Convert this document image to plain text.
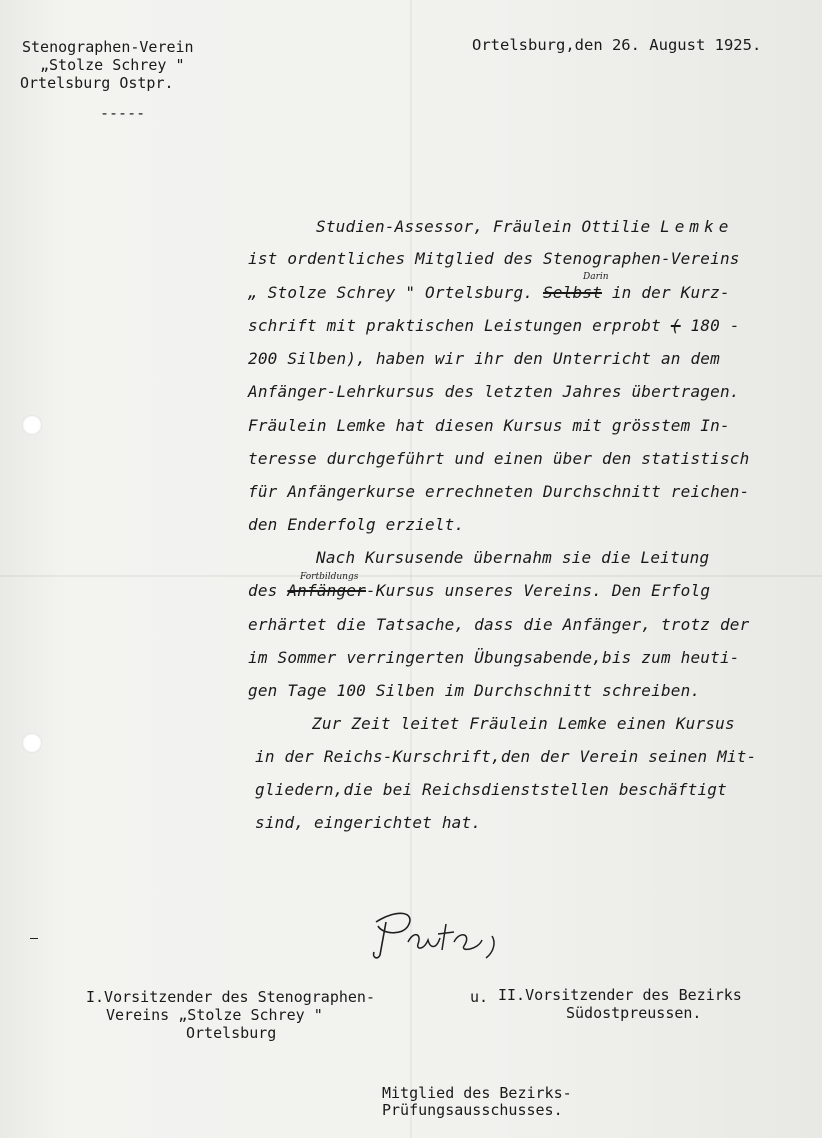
Stenographen-Verein
„Stolze Schrey "
Ortelsburg Ostpr.
-----
Ortelsburg,den 26. August 1925.
Darin
Fortbildungs
Studien-Assessor, Fräulein Ottilie Lemke
ist ordentliches Mitglied des Stenographen-Vereins
„ Stolze Schrey " Ortelsburg. Selbst in der Kurz-
schrift mit praktischen Leistungen erprobt ( 180 -
200 Silben), haben wir ihr den Unterricht an dem
Anfänger-Lehrkursus des letzten Jahres übertragen.
Fräulein Lemke hat diesen Kursus mit grösstem In-
teresse durchgeführt und einen über den statistisch
für Anfängerkurse errechneten Durchschnitt reichen-
den Enderfolg erzielt.
Nach Kursusende übernahm sie die Leitung
des Anfänger-Kursus unseres Vereins. Den Erfolg
erhärtet die Tatsache, dass die Anfänger, trotz der
im Sommer verringerten Übungsabende,bis zum heuti-
gen Tage 100 Silben im Durchschnitt schreiben.
Zur Zeit leitet Fräulein Lemke einen Kursus
in der Reichs-Kurschrift,den der Verein seinen Mit-
gliedern,die bei Reichsdienststellen beschäftigt
sind, eingerichtet hat.
I.Vorsitzender des Stenographen-
Vereins „Stolze Schrey "
Ortelsburg
u. II.Vorsitzender des Bezirks
Südostpreussen.
Mitglied des Bezirks-
Prüfungsausschusses.
